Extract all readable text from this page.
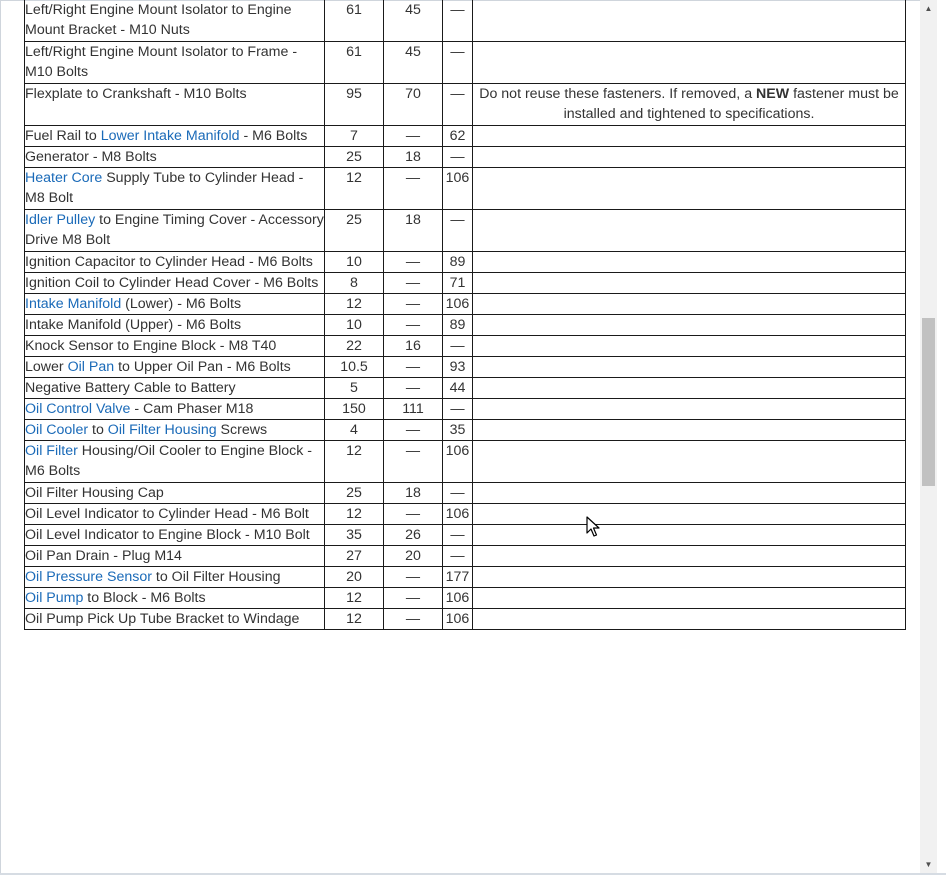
Left/Right Engine Mount Isolator to Engine Mount Bracket - M10 Nuts	61	45	—	
Left/Right Engine Mount Isolator to Frame - M10 Bolts	61	45	—	
Flexplate to Crankshaft - M10 Bolts	95	70	—	Do not reuse these fasteners. If removed, a NEW fastener must be installed and tightened to specifications.
Fuel Rail to Lower Intake Manifold - M6 Bolts	7	—	62	
Generator - M8 Bolts	25	18	—	
Heater Core Supply Tube to Cylinder Head - M8 Bolt	12	—	106	
Idler Pulley to Engine Timing Cover - Accessory Drive M8 Bolt	25	18	—	
Ignition Capacitor to Cylinder Head - M6 Bolts	10	—	89	
Ignition Coil to Cylinder Head Cover - M6 Bolts	8	—	71	
Intake Manifold (Lower) - M6 Bolts	12	—	106	
Intake Manifold (Upper) - M6 Bolts	10	—	89	
Knock Sensor to Engine Block - M8 T40	22	16	—	
Lower Oil Pan to Upper Oil Pan - M6 Bolts	10.5	—	93	
Negative Battery Cable to Battery	5	—	44	
Oil Control Valve - Cam Phaser M18	150	111	—	
Oil Cooler to Oil Filter Housing Screws	4	—	35	
Oil Filter Housing/Oil Cooler to Engine Block - M6 Bolts	12	—	106	
Oil Filter Housing Cap	25	18	—	
Oil Level Indicator to Cylinder Head - M6 Bolt	12	—	106	
Oil Level Indicator to Engine Block - M10 Bolt	35	26	—	
Oil Pan Drain - Plug M14	27	20	—	
Oil Pressure Sensor to Oil Filter Housing	20	—	177	
Oil Pump to Block - M6 Bolts	12	—	106	
Oil Pump Pick Up Tube Bracket to Windage	12	—	106	
▲
▼
